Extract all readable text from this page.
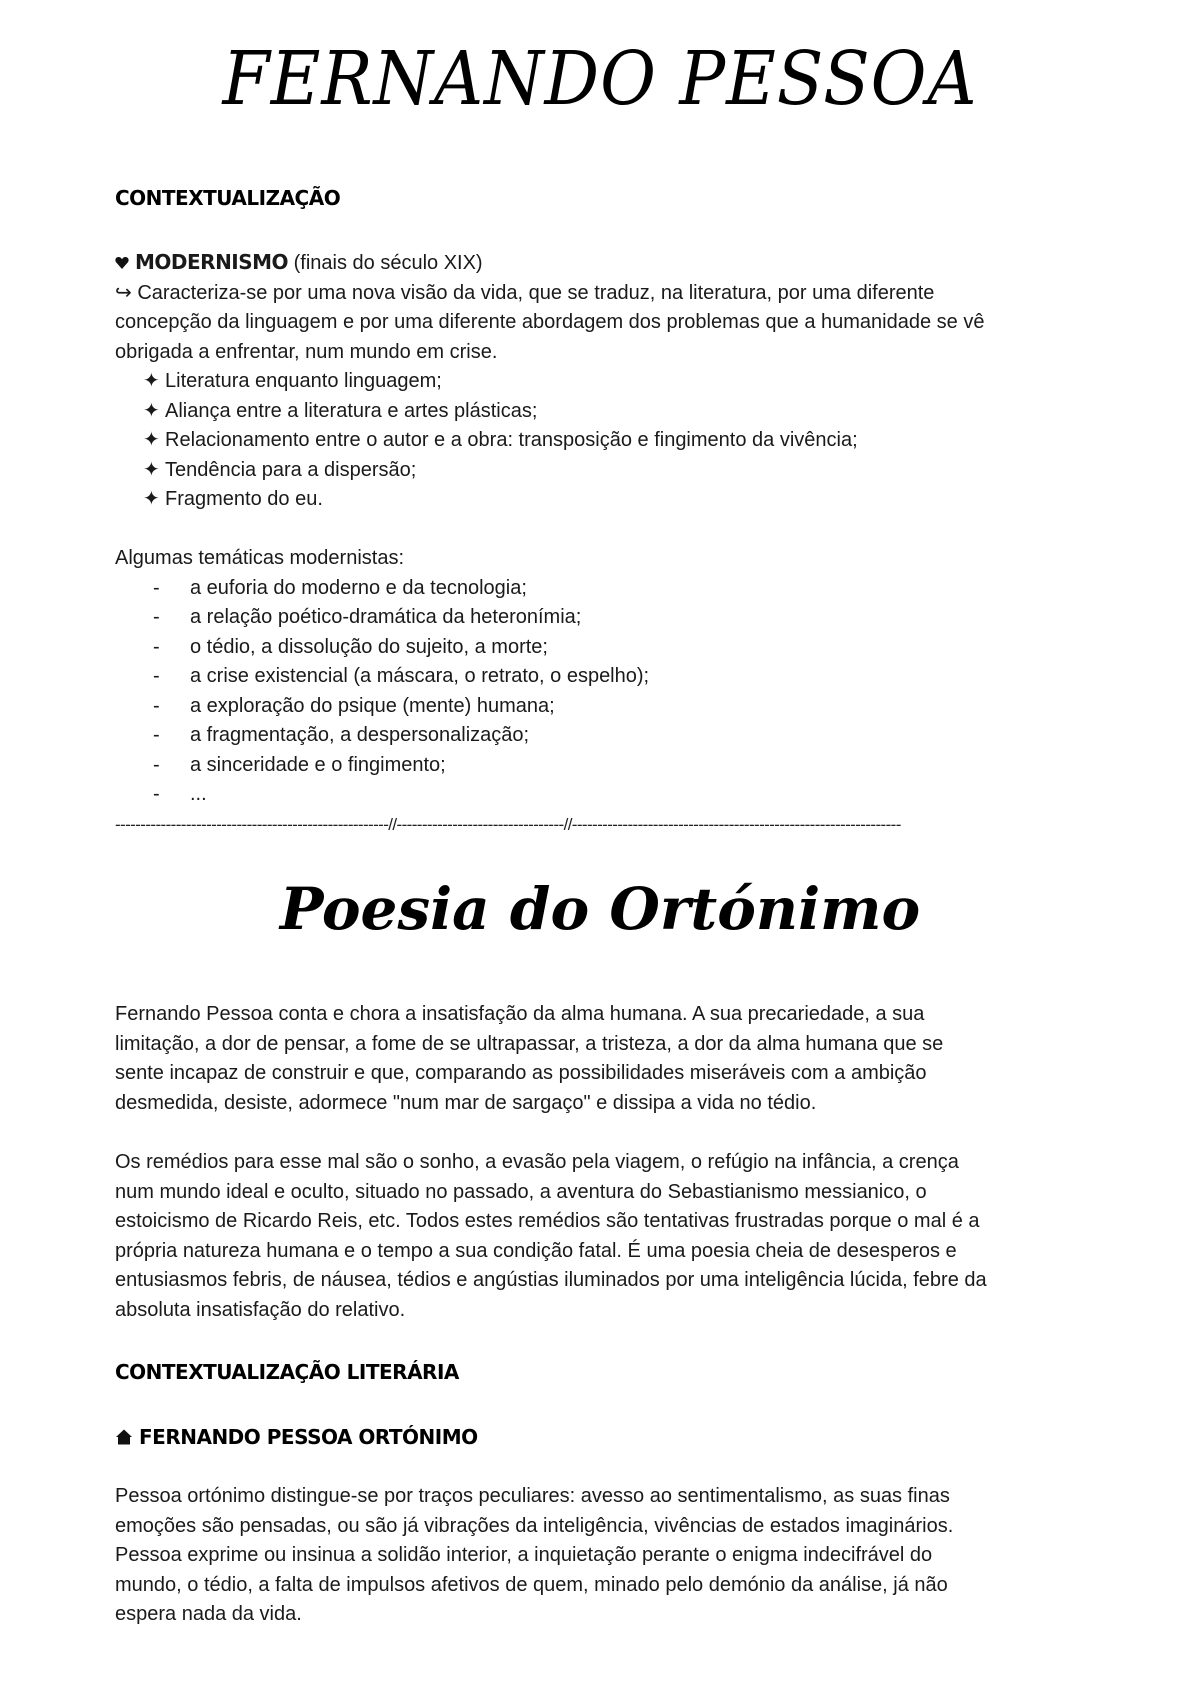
FERNANDO PESSOA
CONTEXTUALIZAÇÃO
MODERNISMO (finais do século XIX)
↪ Caracteriza-se por uma nova visão da vida, que se traduz, na literatura, por uma diferente
concepção da linguagem e por uma diferente abordagem dos problemas que a humanidade se vê
obrigada a enfrentar, num mundo em crise.
✦ Literatura enquanto linguagem;
✦ Aliança entre a literatura e artes plásticas;
✦ Relacionamento entre o autor e a obra: transposição e fingimento da vivência;
✦ Tendência para a dispersão;
✦ Fragmento do eu.

Algumas temáticas modernistas:
- a euforia do moderno e da tecnologia;
- a relação poético-dramática da heteronímia;
- o tédio, a dissolução do sujeito, a morte;
- a crise existencial (a máscara, o retrato, o espelho);
- a exploração do psique (mente) humana;
- a fragmentação, a despersonalização;
- a sinceridade e o fingimento;
- ...
------------------------------------------------------//---------------------------------//-----------------------------------------------------------------
Poesia do Ortónimo
Fernando Pessoa conta e chora a insatisfação da alma humana. A sua precariedade, a sua
limitação, a dor de pensar, a fome de se ultrapassar, a tristeza, a dor da alma humana que se
sente incapaz de construir e que, comparando as possibilidades miseráveis com a ambição
desmedida, desiste, adormece "num mar de sargaço" e dissipa a vida no tédio.
Os remédios para esse mal são o sonho, a evasão pela viagem, o refúgio na infância, a crença
num mundo ideal e oculto, situado no passado, a aventura do Sebastianismo messianico, o
estoicismo de Ricardo Reis, etc. Todos estes remédios são tentativas frustradas porque o mal é a
própria natureza humana e o tempo a sua condição fatal. É uma poesia cheia de desesperos e
entusiasmos febris, de náusea, tédios e angústias iluminados por uma inteligência lúcida, febre da
absoluta insatisfação do relativo.
CONTEXTUALIZAÇÃO LITERÁRIA
FERNANDO PESSOA ORTÓNIMO
Pessoa ortónimo distingue-se por traços peculiares: avesso ao sentimentalismo, as suas finas
emoções são pensadas, ou são já vibrações da inteligência, vivências de estados imaginários.
Pessoa exprime ou insinua a solidão interior, a inquietação perante o enigma indecifrável do
mundo, o tédio, a falta de impulsos afetivos de quem, minado pelo demónio da análise, já não
espera nada da vida.
